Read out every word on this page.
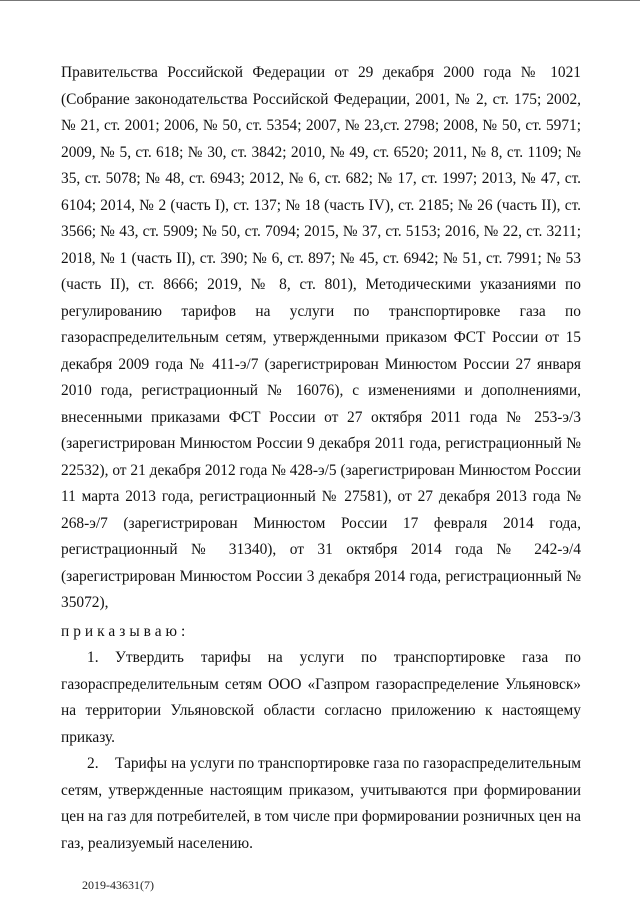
Правительства Российской Федерации от 29 декабря 2000 года № 1021 (Собрание законодательства Российской Федерации, 2001, № 2, ст. 175; 2002, № 21, ст. 2001; 2006, № 50, ст. 5354; 2007, № 23,ст. 2798; 2008, № 50, ст. 5971; 2009, № 5, ст. 618; № 30, ст. 3842; 2010, № 49, ст. 6520; 2011, № 8, ст. 1109; № 35, ст. 5078; № 48, ст. 6943; 2012, № 6, ст. 682; № 17, ст. 1997; 2013, № 47, ст. 6104; 2014, № 2 (часть I), ст. 137; № 18 (часть IV), ст. 2185; № 26 (часть II), ст. 3566; № 43, ст. 5909; № 50, ст. 7094; 2015, № 37, ст. 5153; 2016, № 22, ст. 3211; 2018, № 1 (часть II), ст. 390; № 6, ст. 897; № 45, ст. 6942; № 51, ст. 7991; № 53 (часть II), ст. 8666; 2019, № 8, ст. 801), Методическими указаниями по регулированию тарифов на услуги по транспортировке газа по газораспределительным сетям, утвержденными приказом ФСТ России от 15 декабря 2009 года № 411-э/7 (зарегистрирован Минюстом России 27 января 2010 года, регистрационный № 16076), с изменениями и дополнениями, внесенными приказами ФСТ России от 27 октября 2011 года № 253-э/3 (зарегистрирован Минюстом России 9 декабря 2011 года, регистрационный № 22532), от 21 декабря 2012 года № 428-э/5 (зарегистрирован Минюстом России 11 марта 2013 года, регистрационный № 27581), от 27 декабря 2013 года № 268-э/7 (зарегистрирован Минюстом России 17 февраля 2014 года, регистрационный № 31340), от 31 октября 2014 года № 242-э/4 (зарегистрирован Минюстом России 3 декабря 2014 года, регистрационный № 35072),

приказываю:

1. Утвердить тарифы на услуги по транспортировке газа по газораспределительным сетям ООО «Газпром газораспределение Ульяновск» на территории Ульяновской области согласно приложению к настоящему приказу.

2. Тарифы на услуги по транспортировке газа по газораспределительным сетям, утвержденные настоящим приказом, учитываются при формировании цен на газ для потребителей, в том числе при формировании розничных цен на газ, реализуемый населению.

2019-43631(7)
